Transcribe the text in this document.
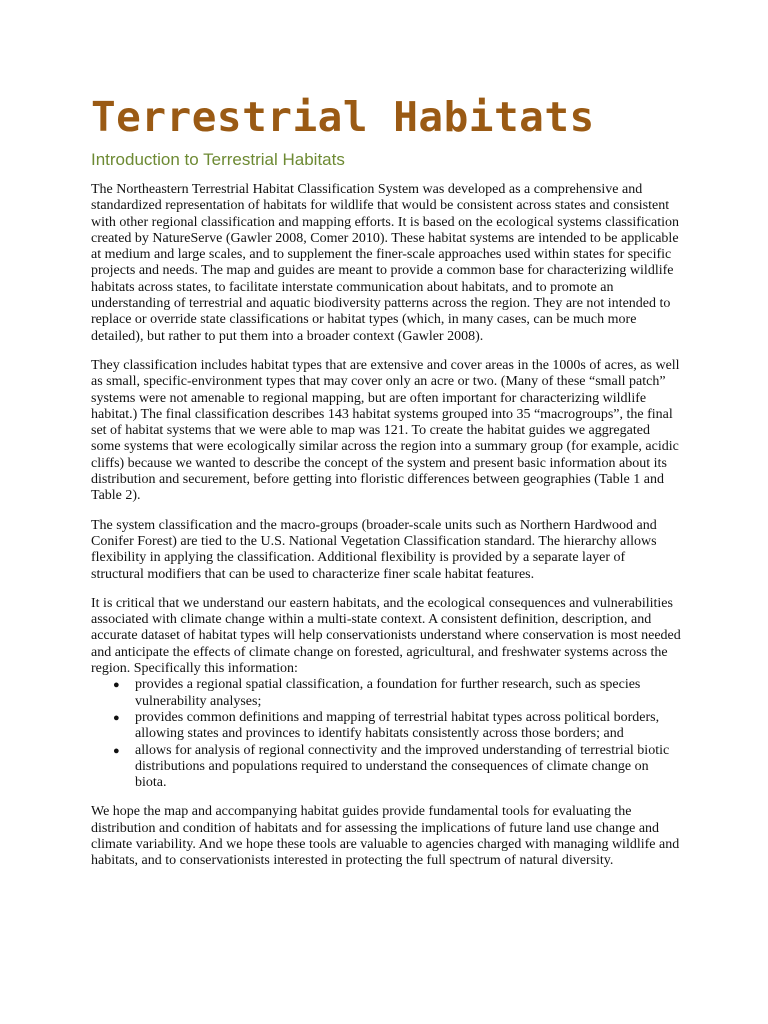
Terrestrial Habitats
Introduction to Terrestrial Habitats

The Northeastern Terrestrial Habitat Classification System was developed as a comprehensive and standardized representation of habitats for wildlife that would be consistent across states and consistent with other regional classification and mapping efforts. It is based on the ecological systems classification created by NatureServe (Gawler 2008, Comer 2010). These habitat systems are intended to be applicable at medium and large scales, and to supplement the finer-scale approaches used within states for specific projects and needs. The map and guides are meant to provide a common base for characterizing wildlife habitats across states, to facilitate interstate communication about habitats, and to promote an understanding of terrestrial and aquatic biodiversity patterns across the region. They are not intended to replace or override state classifications or habitat types (which, in many cases, can be much more detailed), but rather to put them into a broader context (Gawler 2008).

They classification includes habitat types that are extensive and cover areas in the 1000s of acres, as well as small, specific-environment types that may cover only an acre or two. (Many of these “small patch” systems were not amenable to regional mapping, but are often important for characterizing wildlife habitat.) The final classification describes 143 habitat systems grouped into 35 “macrogroups”, the final set of habitat systems that we were able to map was 121. To create the habitat guides we aggregated some systems that were ecologically similar across the region into a summary group (for example, acidic cliffs) because we wanted to describe the concept of the system and present basic information about its distribution and securement, before getting into floristic differences between geographies (Table 1 and Table 2).

The system classification and the macro-groups (broader-scale units such as Northern Hardwood and Conifer Forest) are tied to the U.S. National Vegetation Classification standard. The hierarchy allows flexibility in applying the classification. Additional flexibility is provided by a separate layer of structural modifiers that can be used to characterize finer scale habitat features.

It is critical that we understand our eastern habitats, and the ecological consequences and vulnerabilities associated with climate change within a multi-state context. A consistent definition, description, and accurate dataset of habitat types will help conservationists understand where conservation is most needed and anticipate the effects of climate change on forested, agricultural, and freshwater systems across the region. Specifically this information:

● provides a regional spatial classification, a foundation for further research, such as species vulnerability analyses;
● provides common definitions and mapping of terrestrial habitat types across political borders, allowing states and provinces to identify habitats consistently across those borders; and
● allows for analysis of regional connectivity and the improved understanding of terrestrial biotic distributions and populations required to understand the consequences of climate change on biota.

We hope the map and accompanying habitat guides provide fundamental tools for evaluating the distribution and condition of habitats and for assessing the implications of future land use change and climate variability. And we hope these tools are valuable to agencies charged with managing wildlife and habitats, and to conservationists interested in protecting the full spectrum of natural diversity.
